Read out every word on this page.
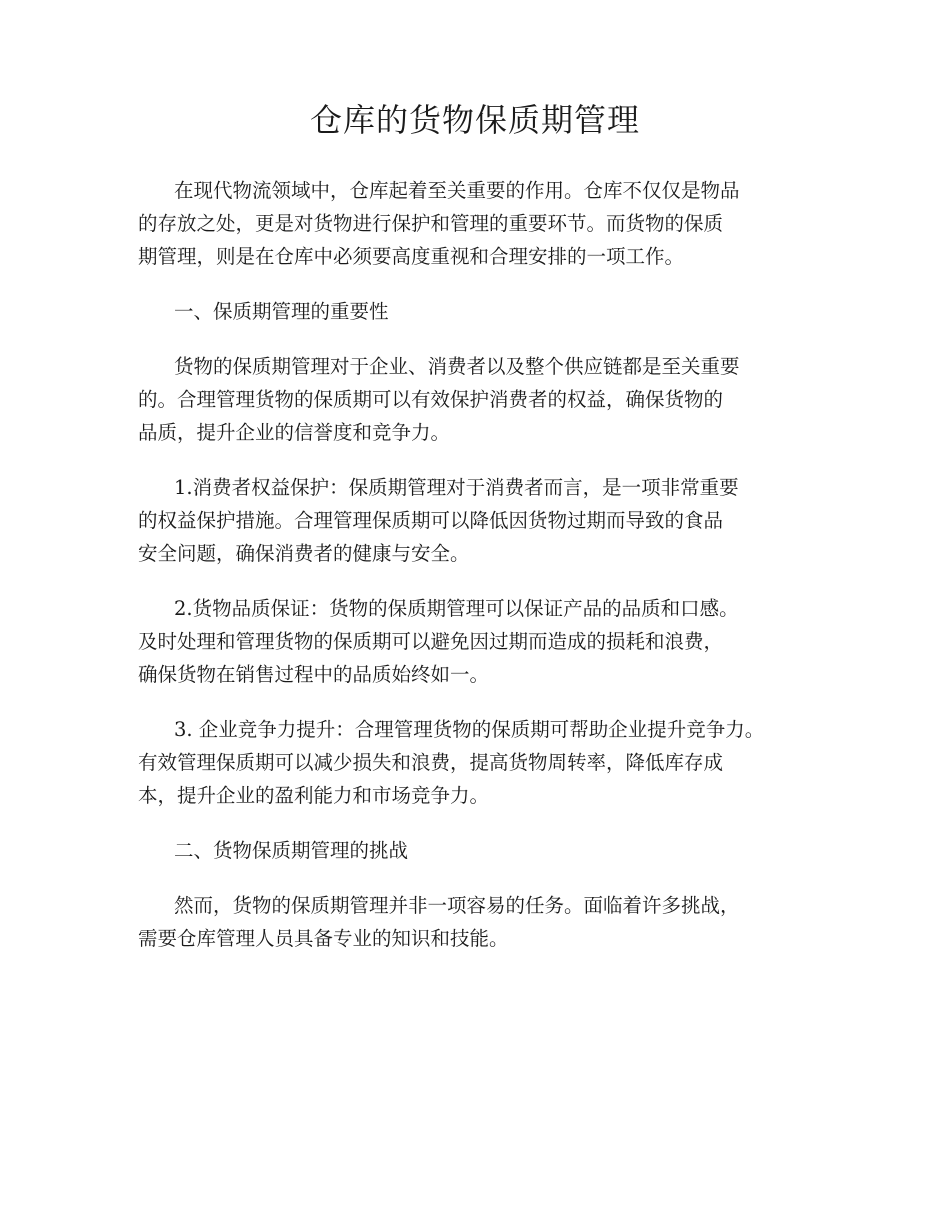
仓库的货物保质期管理

在现代物流领域中，仓库起着至关重要的作用。仓库不仅仅是物品
的存放之处，更是对货物进行保护和管理的重要环节。而货物的保质
期管理，则是在仓库中必须要高度重视和合理安排的一项工作。

一、保质期管理的重要性

货物的保质期管理对于企业、消费者以及整个供应链都是至关重要
的。合理管理货物的保质期可以有效保护消费者的权益，确保货物的
品质，提升企业的信誉度和竞争力。

1.消费者权益保护：保质期管理对于消费者而言，是一项非常重要
的权益保护措施。合理管理保质期可以降低因货物过期而导致的食品
安全问题，确保消费者的健康与安全。

2.货物品质保证：货物的保质期管理可以保证产品的品质和口感。
及时处理和管理货物的保质期可以避免因过期而造成的损耗和浪费，
确保货物在销售过程中的品质始终如一。

3. 企业竞争力提升：合理管理货物的保质期可帮助企业提升竞争力。
有效管理保质期可以减少损失和浪费，提高货物周转率，降低库存成
本，提升企业的盈利能力和市场竞争力。

二、货物保质期管理的挑战

然而，货物的保质期管理并非一项容易的任务。面临着许多挑战，
需要仓库管理人员具备专业的知识和技能。
